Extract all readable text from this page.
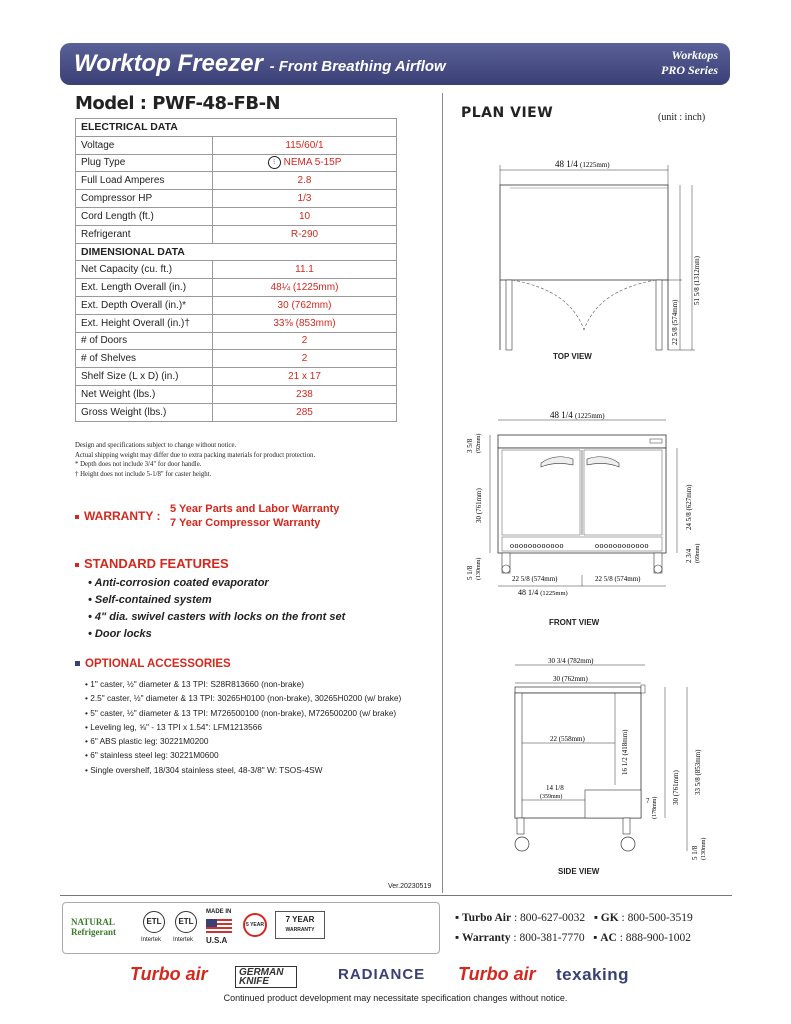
Worktop Freezer - Front Breathing Airflow
Worktops
PRO Series
Model : PWF-48-FB-N
ELECTRICAL DATA	
Voltage	115/60/1
Plug Type	⁝ NEMA 5-15P
Full Load Amperes	2.8
Compressor HP	1/3
Cord Length (ft.)	10
Refrigerant	R-290
DIMENSIONAL DATA	
Net Capacity (cu. ft.)	11.1
Ext. Length Overall (in.)	48¼ (1225mm)
Ext. Depth Overall (in.)*	30 (762mm)
Ext. Height Overall (in.)†	33⅝ (853mm)
# of Doors	2
# of Shelves	2
Shelf Size (L x D) (in.)	21 x 17
Net Weight (lbs.)	238
Gross Weight (lbs.)	285
Design and specifications subject to change without notice.
Actual shipping weight may differ due to extra packing materials for product protection.
* Depth does not include 3/4" for door handle.
† Height does not include 5-1/8" for caster height.
WARRANTY : 5 Year Parts and Labor Warranty
7 Year Compressor Warranty
STANDARD FEATURES
• Anti-corrosion coated evaporator
• Self-contained system
• 4" dia. swivel casters with locks on the front set
• Door locks
OPTIONAL ACCESSORIES
• 1" caster, ½" diameter & 13 TPI: S28R813660 (non-brake)
• 2.5" caster, ½" diameter & 13 TPI: 30265H0100 (non-brake), 30265H0200 (w/ brake)
• 5" caster, ½" diameter & 13 TPI: M726500100 (non-brake), M726500200 (w/ brake)
• Leveling leg, ⅝" - 13 TPI x 1.54": LFM1213566
• 6" ABS plastic leg: 30221M0200
• 6" stainless steel leg: 30221M0600
• Single overshelf, 18/304 stainless steel, 48-3/8" W: TSOS-4SW
Ver.20230519
PLAN VIEW	(unit : inch)
48 1/4 (1225mm)
51 5/8 (1312mm)
22 5/8 (574mm)
TOP VIEW
48 1/4 (1225mm)
oooooooooooo	oooooooooooo
22 5/8 (574mm)	22 5/8 (574mm)
48 1/4 (1225mm)
3 5/8 (92mm)
30 (761mm)
5 1/8 (130mm)
24 5/8 (627mm)
2 3/4 (69mm)
FRONT VIEW
30 3/4 (782mm)
30 (762mm)
22 (558mm)	16 1/2 (418mm)
14 1/8
(359mm)	7 (178mm)
30 (761mm) 33 5/8 (853mm)
5 1/8 (130mm)
SIDE VIEW
NATURAL
Refrigerant
ETL
Intertek
ETL
Intertek
MADE IN
U.S.A
5 YEAR
7 YEAR
WARRANTY
▪ Turbo Air : 800-627-0032 ▪ GK : 800-500-3519
▪ Warranty : 800-381-7770 ▪ AC : 888-900-1002
Turbo air	GERMAN KNIFE	RADIANCE Turbo air texaking
Continued product development may necessitate specification changes without notice.
